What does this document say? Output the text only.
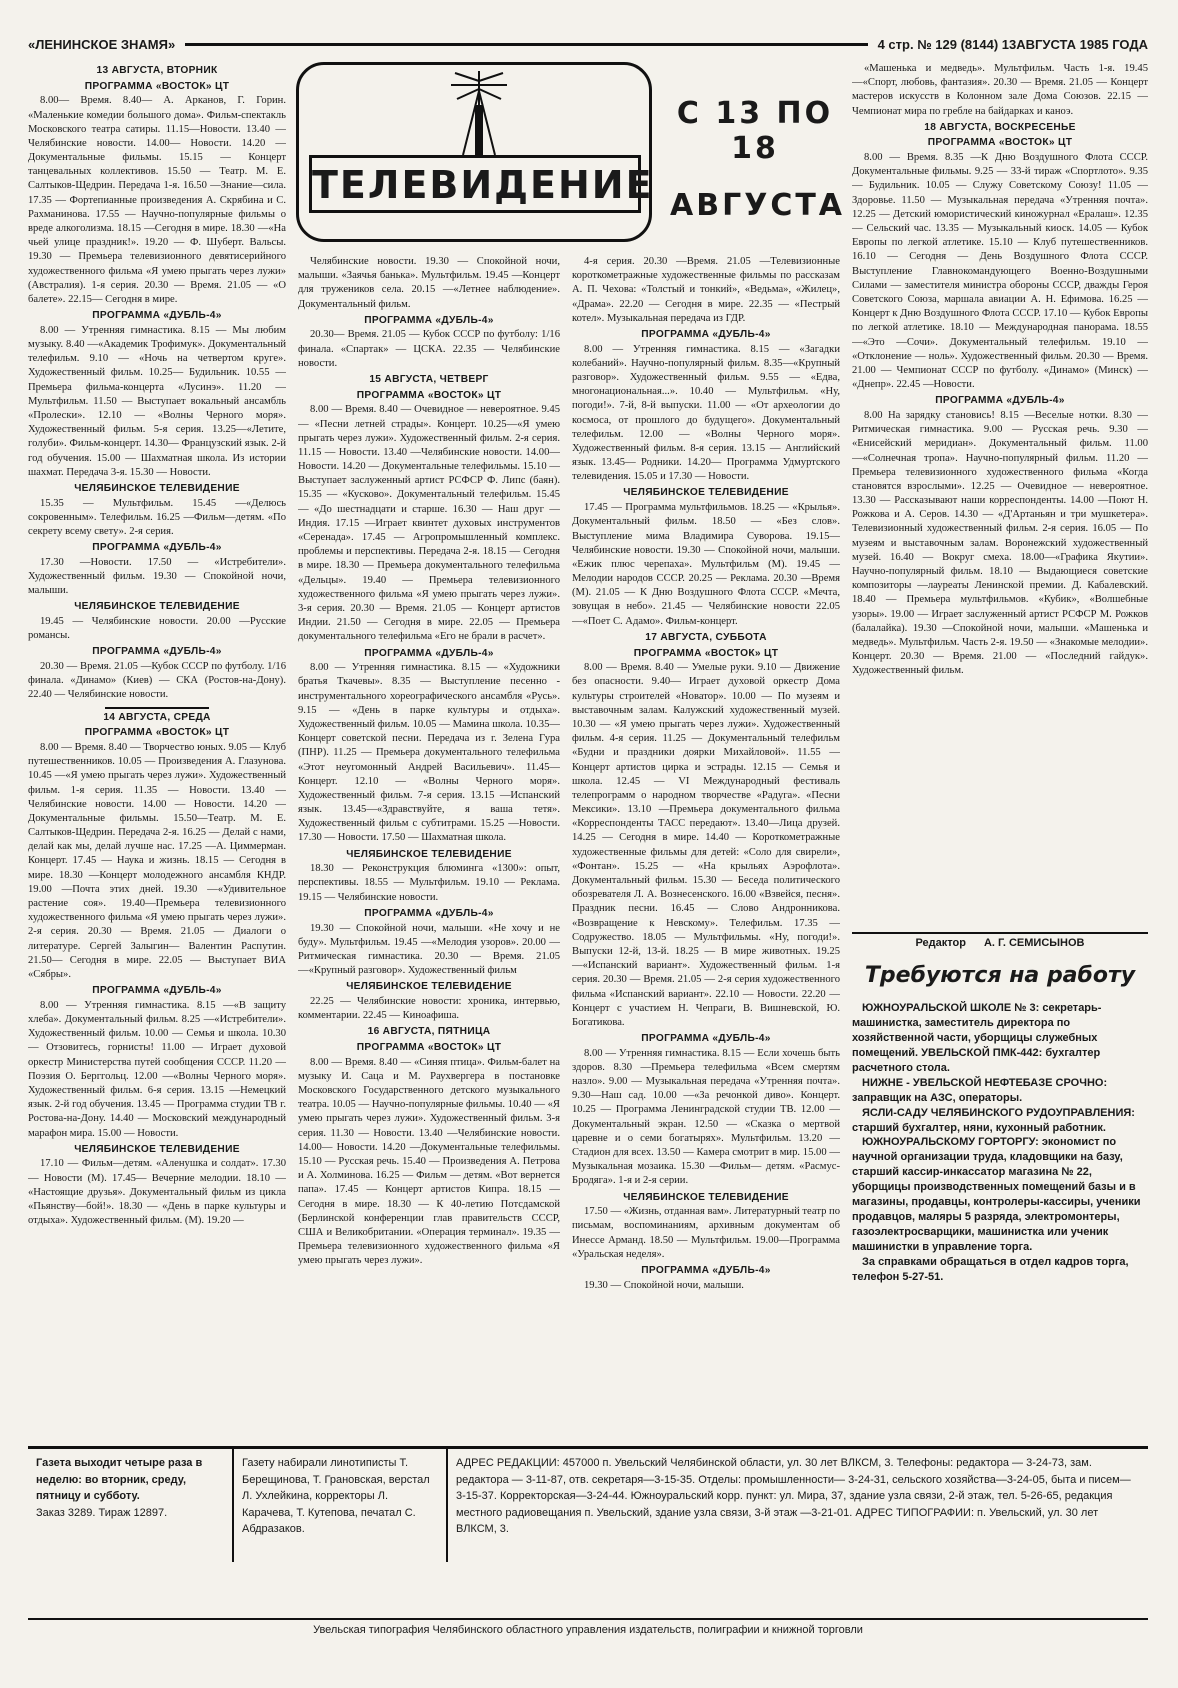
«ЛЕНИНСКОЕ ЗНАМЯ»	4 стр. № 129 (8144) 13АВГУСТА 1985 ГОДА
ТЕЛЕВИДЕНИЕ
С 13 ПО 18
АВГУСТА
13 АВГУСТА, ВТОРНИК
ПРОГРАММА «ВОСТОК» ЦТ

8.00— Время. 8.40— А. Арканов, Г. Горин. «Маленькие комедии большого дома». Фильм-спектакль Московского театра сатиры. 11.15—Новости. 13.40 — Челябинские новости. 14.00— Новости. 14.20 — Документальные фильмы. 15.15 — Концерт танцевальных коллективов. 15.50 — Театр. М. Е. Салтыков-Щедрин. Передача 1-я. 16.50 —Знание—сила. 17.35 — Фортепианные произведения А. Скрябина и С. Рахманинова. 17.55 — Научно-популярные фильмы о вреде алкоголизма. 18.15 —Сегодня в мире. 18.30 —«На чьей улице праздник!». 19.20 — Ф. Шуберт. Вальсы. 19.30 — Премьера телевизионного девятисерийного художественного фильма «Я умею прыгать через лужи» (Австралия). 1-я серия. 20.30 — Время. 21.05 — «О балете». 22.15— Сегодня в мире.

ПРОГРАММА «ДУБЛЬ-4»

8.00 — Утренняя гимнастика. 8.15 — Мы любим музыку. 8.40 —«Академик Трофимук». Документальный телефильм. 9.10 — «Ночь на четвертом круге». Художественный фильм. 10.25— Будильник. 10.55 — Премьера фильма-концерта «Лусинэ». 11.20 —Мультфильм. 11.50 — Выступает вокальный ансамбль «Пролески». 12.10 — «Волны Черного моря». Художественный фильм. 5-я серия. 13.25—«Летите, голуби». Фильм-концерт. 14.30— Французский язык. 2-й год обучения. 15.00 — Шахматная школа. Из истории шахмат. Передача 3-я. 15.30 — Новости.

ЧЕЛЯБИНСКОЕ ТЕЛЕВИДЕНИЕ

15.35 — Мультфильм. 15.45 —«Делюсь сокровенным». Телефильм. 16.25 —Фильм—детям. «По секрету всему свету». 2-я серия.

ПРОГРАММА «ДУБЛЬ-4»

17.30 —Новости. 17.50 — «Истребители». Художественный фильм. 19.30 — Спокойной ночи, малыши.

ЧЕЛЯБИНСКОЕ ТЕЛЕВИДЕНИЕ

19.45 — Челябинские новости. 20.00 —Русские романсы.

ПРОГРАММА «ДУБЛЬ-4»

20.30 — Время. 21.05 —Кубок СССР по футболу. 1/16 финала. «Динамо» (Киев) — СКА (Ростов-на-Дону). 22.40 — Челябинские новости.

14 АВГУСТА, СРЕДА
ПРОГРАММА «ВОСТОК» ЦТ

8.00 — Время. 8.40 — Творчество юных. 9.05 — Клуб путешественников. 10.05 — Произведения А. Глазунова. 10.45 —«Я умею прыгать через лужи». Художественный фильм. 1-я серия. 11.35 — Новости. 13.40 — Челябинские новости. 14.00 — Новости. 14.20 —Документальные фильмы. 15.50—Театр. М. Е. Салтыков-Щедрин. Передача 2-я. 16.25 — Делай с нами, делай как мы, делай лучше нас. 17.25 —А. Циммерман. Концерт. 17.45 — Наука и жизнь. 18.15 — Сегодня в мире. 18.30 —Концерт молодежного ансамбля КНДР. 19.00 —Почта этих дней. 19.30 —«Удивительное растение соя». 19.40—Премьера телевизионного художественного фильма «Я умею прыгать через лужи». 2-я серия. 20.30 — Время. 21.05 — Диалоги о литературе. Сергей Залыгин— Валентин Распутин. 21.50— Сегодня в мире. 22.05 — Выступает ВИА «Сябры».

ПРОГРАММА «ДУБЛЬ-4»

8.00 — Утренняя гимнастика. 8.15 —«В защиту хлеба». Документальный фильм. 8.25 —«Истребители». Художественный фильм. 10.00 — Семья и школа. 10.30 — Отзовитесь, горнисты! 11.00 — Играет духовой оркестр Министерства путей сообщения СССР. 11.20 — Поэзия О. Берггольц. 12.00 —«Волны Черного моря». Художественный фильм. 6-я серия. 13.15 —Немецкий язык. 2-й год обучения. 13.45 — Программа студии ТВ г. Ростова-на-Дону. 14.40 — Московский международный марафон мира. 15.00 — Новости.

ЧЕЛЯБИНСКОЕ ТЕЛЕВИДЕНИЕ

17.10 — Фильм—детям. «Аленушка и солдат». 17.30 — Новости (М). 17.45— Вечерние мелодии. 18.10 — «Настоящие друзья». Документальный фильм из цикла «Пьянству—бой!». 18.30 — «День в парке культуры и отдыха». Художественный фильм. (М). 19.20 —

Челябинские новости. 19.30 — Спокойной ночи, малыши. «Заячья банька». Мультфильм. 19.45 —Концерт для тружеников села. 20.15 —«Летнее наблюдение». Документальный фильм.

ПРОГРАММА «ДУБЛЬ-4»

20.30— Время. 21.05 — Кубок СССР по футболу: 1/16 финала. «Спартак» — ЦСКА. 22.35 — Челябинские новости.

15 АВГУСТА, ЧЕТВЕРГ
ПРОГРАММА «ВОСТОК» ЦТ

8.00 — Время. 8.40 — Очевидное — невероятное. 9.45 — «Песни летней страды». Концерт. 10.25—«Я умею прыгать через лужи». Художественный фильм. 2-я серия. 11.15 — Новости. 13.40 —Челябинские новости. 14.00—Новости. 14.20 — Документальные телефильмы. 15.10 — Выступает заслуженный артист РСФСР Ф. Липс (баян). 15.35 — «Кусково». Документальный телефильм. 15.45 — «До шестнадцати и старше. 16.30 — Наш друг — Индия. 17.15 —Играет квинтет духовых инструментов «Серенада». 17.45 — Агропромышленный комплекс. проблемы и перспективы. Передача 2-я. 18.15 — Сегодня в мире. 18.30 — Премьера документального телефильма «Дельцы». 19.40 — Премьера телевизионного художественного фильма «Я умею прыгать через лужи». 3-я серия. 20.30 — Время. 21.05 — Концерт артистов Индии. 21.50 — Сегодня в мире. 22.05 — Премьера документального телефильма «Его не брали в расчет».

ПРОГРАММА «ДУБЛЬ-4»

8.00 — Утренняя гимнастика. 8.15 — «Художники братья Ткачевы». 8.35 — Выступление песенно - инструментального хореографического ансамбля «Русь». 9.15 — «День в парке культуры и отдыха». Художественный фильм. 10.05 — Мамина школа. 10.35—Концерт советской песни. Передача из г. Зелена Гура (ПНР). 11.25 — Премьера документального телефильма «Этот неугомонный Андрей Васильевич». 11.45— Концерт. 12.10 — «Волны Черного моря». Художественный фильм. 7-я серия. 13.15 —Испанский язык. 13.45—«Здравствуйте, я ваша тетя». Художественный фильм с субтитрами. 15.25 —Новости. 17.30 — Новости. 17.50 — Шахматная школа.

ЧЕЛЯБИНСКОЕ ТЕЛЕВИДЕНИЕ

18.30 — Реконструкция блюминга «1300»: опыт, перспективы. 18.55 — Мультфильм. 19.10 — Реклама. 19.15 — Челябинские новости.

ПРОГРАММА «ДУБЛЬ-4»

19.30 — Спокойной ночи, малыши. «Не хочу и не буду». Мультфильм. 19.45 —«Мелодия узоров». 20.00 — Ритмическая гимнастика. 20.30 — Время. 21.05—«Крупный разговор». Художественный фильм

ЧЕЛЯБИНСКОЕ ТЕЛЕВИДЕНИЕ

22.25 — Челябинские новости: хроника, интервью, комментарии. 22.45 — Киноафиша.

16 АВГУСТА, ПЯТНИЦА
ПРОГРАММА «ВОСТОК» ЦТ

8.00 — Время. 8.40 — «Синяя птица». Фильм-балет на музыку И. Саца и М. Раухвергера в постановке Московского Государственного детского музыкального театра. 10.05 — Научно-популярные фильмы. 10.40 — «Я умею прыгать через лужи». Художественный фильм. 3-я серия. 11.30 — Новости. 13.40 —Челябинские новости. 14.00— Новости. 14.20 —Документальные телефильмы. 15.10 — Русская речь. 15.40 — Произведения А. Петрова и А. Холминова. 16.25 — Фильм — детям. «Вот вернется папа». 17.45 — Концерт артистов Кипра. 18.15 — Сегодня в мире. 18.30 — К 40-летию Потсдамской (Берлинской конференции глав правительств СССР, США и Великобритании. «Операция терминал». 19.35 — Премьера телевизионного художественного фильма «Я умею прыгать через лужи».

4-я серия. 20.30 —Время. 21.05 —Телевизионные короткометражные художественные фильмы по рассказам А. П. Чехова: «Толстый и тонкий», «Ведьма», «Жилец», «Драма». 22.20 — Сегодня в мире. 22.35 — «Пестрый котел». Музыкальная передача из ГДР.

ПРОГРАММА «ДУБЛЬ-4»

8.00 — Утренняя гимнастика. 8.15 — «Загадки колебаний». Научно-популярный фильм. 8.35—«Крупный разговор». Художественный фильм. 9.55 — «Едва, многонациональная...». 10.40 — Мультфильм. «Ну, погоди!». 7-й, 8-й выпуски. 11.00 — «От археологии до космоса, от прошлого до будущего». Документальный телефильм. 12.00 — «Волны Черного моря». Художественный фильм. 8-я серия. 13.15 — Английский язык. 13.45— Родники. 14.20— Программа Удмуртского телевидения. 15.05 и 17.30 — Новости.

ЧЕЛЯБИНСКОЕ ТЕЛЕВИДЕНИЕ

17.45 — Программа мультфильмов. 18.25 — «Крылья». Документальный фильм. 18.50 — «Без слов». Выступление мима Владимира Суворова. 19.15— Челябинские новости. 19.30 — Спокойной ночи, малыши. «Ежик плюс черепаха». Мультфильм (М). 19.45 —Мелодии народов СССР. 20.25 — Реклама. 20.30 —Время (М). 21.05 — К Дню Воздушного Флота СССР. «Мечта, зовущая в небо». 21.45 — Челябинские новости 22.05—«Поет С. Адамо». Фильм-концерт.

17 АВГУСТА, СУББОТА
ПРОГРАММА «ВОСТОК» ЦТ

8.00 — Время. 8.40 — Умелые руки. 9.10 — Движение без опасности. 9.40— Играет духовой оркестр Дома культуры строителей «Новатор». 10.00 — По музеям и выставочным залам. Калужский художественный музей. 10.30 — «Я умею прыгать через лужи». Художественный фильм. 4-я серия. 11.25 — Документальный телефильм «Будни и праздники доярки Михайловой». 11.55 — Концерт артистов цирка и эстрады. 12.15 — Семья и школа. 12.45 — VI Международный фестиваль телепрограмм о народном творчестве «Радуга». «Песни Мексики». 13.10 —Премьера документального фильма «Корреспонденты ТАСС передают». 13.40—Лица друзей. 14.25 — Сегодня в мире. 14.40 — Короткометражные художественные фильмы для детей: «Соло для свирели», «Фонтан». 15.25 — «На крыльях Аэрофлота». Документальный фильм. 15.30 — Беседа политического обозревателя Л. А. Вознесенского. 16.00 «Взвейся, песня». Праздник песни. 16.45 — Слово Андронникова. «Возвращение к Невскому». Телефильм. 17.35 — Содружество. 18.05 — Мультфильмы. «Ну, погоди!». Выпуски 12-й, 13-й. 18.25 — В мире животных. 19.25 —«Испанский вариант». Художественный фильм. 1-я серия. 20.30 — Время. 21.05 — 2-я серия художественного фильма «Испанский вариант». 22.10 — Новости. 22.20 — Концерт с участием Н. Чепраги, В. Вишневской, Ю. Богатикова.

ПРОГРАММА «ДУБЛЬ-4»

8.00 — Утренняя гимнастика. 8.15 — Если хочешь быть здоров. 8.30 —Премьера телефильма «Всем смертям назло». 9.00 — Музыкальная передача «Утренняя почта». 9.30—Наш сад. 10.00 —«За речонкой диво». Концерт. 10.25 — Программа Ленинградской студии ТВ. 12.00 — Документальный экран. 12.50 — «Сказка о мертвой царевне и о семи богатырях». Мультфильм. 13.20 — Стадион для всех. 13.50 — Камера смотрит в мир. 15.00 — Музыкальная мозаика. 15.30 —Фильм— детям. «Расмус-Бродяга». 1-я и 2-я серии.

ЧЕЛЯБИНСКОЕ ТЕЛЕВИДЕНИЕ

17.50 — «Жизнь, отданная вам». Литературный театр по письмам, воспоминаниям, архивным документам об Инессе Арманд. 18.50 — Мультфильм. 19.00—Программа «Уральская неделя».

ПРОГРАММА «ДУБЛЬ-4»

19.30 — Спокойной ночи, малыши.

«Машенька и медведь». Мультфильм. Часть 1-я. 19.45—«Спорт, любовь, фантазия». 20.30 — Время. 21.05 — Концерт мастеров искусств в Колонном зале Дома Союзов. 22.15 — Чемпионат мира по гребле на байдарках и каноэ.

18 АВГУСТА, ВОСКРЕСЕНЬЕ
ПРОГРАММА «ВОСТОК» ЦТ

8.00 — Время. 8.35 —К Дню Воздушного Флота СССР. Документальные фильмы. 9.25 — 33-й тираж «Спортлото». 9.35 — Будильник. 10.05 — Служу Советскому Союзу! 11.05 — Здоровье. 11.50 — Музыкальная передача «Утренняя почта». 12.25 — Детский юмористический киножурнал «Ералаш». 12.35 — Сельский час. 13.35 — Музыкальный киоск. 14.05 — Кубок Европы по легкой атлетике. 15.10 — Клуб путешественников. 16.10 — Сегодня — День Воздушного Флота СССР. Выступление Главнокомандующего Военно-Воздушными Силами — заместителя министра обороны СССР, дважды Героя Советского Союза, маршала авиации А. Н. Ефимова. 16.25 — Концерт к Дню Воздушного Флота СССР. 17.10 — Кубок Европы по легкой атлетике. 18.10 — Международная панорама. 18.55 —«Это —Сочи». Документальный телефильм. 19.10 — «Отклонение — ноль». Художественный фильм. 20.30 — Время. 21.00 — Чемпионат СССР по футболу. «Динамо» (Минск) — «Днепр». 22.45 —Новости.

ПРОГРАММА «ДУБЛЬ-4»

8.00 На зарядку становись! 8.15 —Веселые нотки. 8.30 — Ритмическая гимнастика. 9.00 — Русская речь. 9.30 — «Енисейский меридиан». Документальный фильм. 11.00—«Солнечная тропа». Научно-популярный фильм. 11.20 — Премьера телевизионного художественного фильма «Когда становятся взрослыми». 12.25 — Очевидное — невероятное. 13.30 — Рассказывают наши корреспонденты. 14.00 —Поют Н. Рожкова и А. Серов. 14.30 — «Д'Артаньян и три мушкетера». Телевизионный художественный фильм. 2-я серия. 16.05 — По музеям и выставочным залам. Воронежский художественный музей. 16.40 — Вокруг смеха. 18.00—«Графика Якутии». Научно-популярный фильм. 18.10 — Выдающиеся советские композиторы —лауреаты Ленинской премии. Д. Кабалевский. 18.40 — Премьера мультфильмов. «Кубик», «Волшебные узоры». 19.00 — Играет заслуженный артист РСФСР М. Рожков (балалайка). 19.30 —Спокойной ночи, малыши. «Машенька и медведь». Мультфильм. Часть 2-я. 19.50 — «Знакомые мелодии». Концерт. 20.30 — Время. 21.00 — «Последний гайдук». Художественный фильм.

Редактор А. Г. СЕМИСЫНОВ
Требуются на работу

ЮЖНОУРАЛЬСКОЙ ШКОЛЕ № 3: секретарь-машинистка, заместитель директора по хозяйственной части, уборщицы служебных помещений. УВЕЛЬСКОЙ ПМК-442: бухгалтер расчетного стола.

НИЖНЕ - УВЕЛЬСКОЙ НЕФТЕБАЗЕ СРОЧНО: заправщик на АЗС, операторы.

ЯСЛИ-САДУ ЧЕЛЯБИНСКОГО РУДОУПРАВЛЕНИЯ: старший бухгалтер, няни, кухонный работник.

ЮЖНОУРАЛЬСКОМУ ГОРТОРГУ: экономист по научной организации труда, кладовщики на базу, старший кассир-инкассатор магазина № 22, уборщицы производственных помещений базы и в магазины, продавцы, контролеры-кассиры, ученики продавцов, маляры 5 разряда, электромонтеры, газоэлектросварщики, машинистка или ученик машинистки в управление торга.

За справками обращаться в отдел кадров торга, телефон 5-27-51.

Газета выходит четыре раза в неделю: во вторник, среду, пятницу и субботу.
Заказ 3289. Тираж 12897.
Газету набирали линотиписты Т. Берещинова, Т. Грановская, верстал Л. Ухлейкина, корректоры Л. Карачева, Т. Кутепова, печатал С. Абдразаков.
АДРЕС РЕДАКЦИИ: 457000 п. Увельский Челябинской области, ул. 30 лет ВЛКСМ, 3. Телефоны: редактора — 3-24-73, зам. редактора — 3-11-87, отв. секретаря—3-15-35. Отделы: промышленности— 3-24-31, сельского хозяйства—3-24-05, быта и писем—3-15-37. Корректорская—3-24-44. Южноуральский корр. пункт: ул. Мира, 37, здание узла связи, 2-й этаж, тел. 5-26-65, редакция местного радиовещания п. Увельский, здание узла связи, 3-й этаж —3-21-01. АДРЕС ТИПОГРАФИИ: п. Увельский, ул. 30 лет ВЛКСМ, 3.
Увельская типография Челябинского областного управления издательств, полиграфии и книжной торговли
